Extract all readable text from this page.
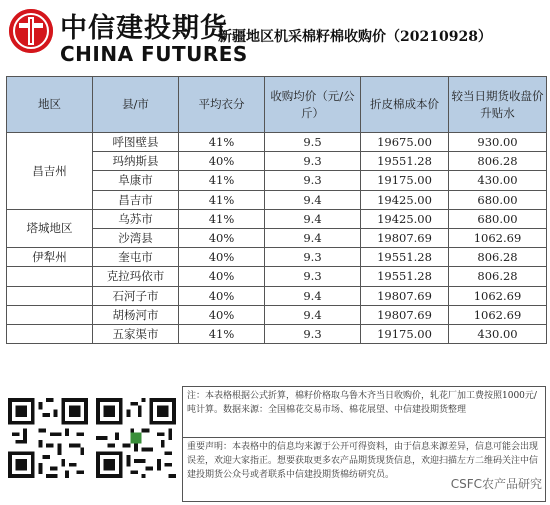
中信建投期货
CHINA FUTURES
新疆地区机采棉籽棉收购价（20210928）
地区	县/市	平均衣分	收购均价（元/公斤）	折皮棉成本价	较当日期货收盘价升贴水
昌吉州	呼图壁县	41%	9.5	19675.00	930.00
	玛纳斯县	40%	9.3	19551.28	806.28
	阜康市	41%	9.3	19175.00	430.00
	昌吉市	41%	9.4	19425.00	680.00
塔城地区	乌苏市	41%	9.4	19425.00	680.00
	沙湾县	40%	9.4	19807.69	1062.69
伊犁州	奎屯市	40%	9.3	19551.28	806.28
	克拉玛依市	40%	9.3	19551.28	806.28
	石河子市	40%	9.4	19807.69	1062.69
	胡杨河市	40%	9.4	19807.69	1062.69
	五家渠市	41%	9.3	19175.00	430.00
注：本表格根据公式折算，棉籽价格取乌鲁木齐当日收购价，轧花厂加工费按照1000元/吨计算。数据来源：全国棉花交易市场、棉花展望、中信建投期货整理
重要声明：本表格中的信息均来源于公开可得资料，由于信息来源差异，信息可能会出现误差，欢迎大家指正。想要获取更多农产品期货现货信息，欢迎扫描左方二维码关注中信建投期货公众号或者联系中信建投期货棉纺研究员。
CSFC农产品研究
